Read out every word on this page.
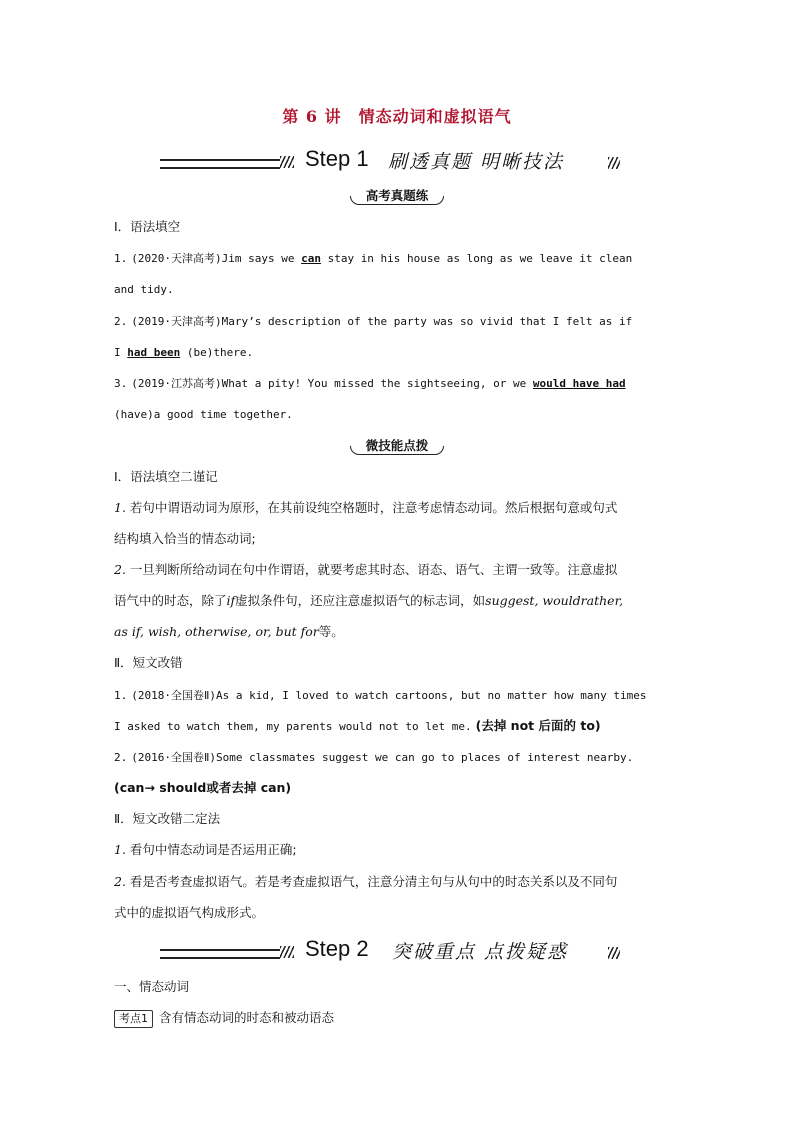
第 6 讲　情态动词和虚拟语气
Step 1 刷透真题 明晰技法
高考真题练
Ⅰ．语法填空
1. (2020·天津高考)Jim says we can stay in his house as long as we leave it clean
and tidy.
2. (2019·天津高考)Mary’s description of the party was so vivid that I felt as if
I had been (be)there.
3. (2019·江苏高考)What a pity! You missed the sightseeing, or we would have had
(have)a good time together.
微技能点拨
Ⅰ．语法填空二谨记
1. 若句中谓语动词为原形，在其前设纯空格题时，注意考虑情态动词。然后根据句意或句式
结构填入恰当的情态动词;
2. 一旦判断所给动词在句中作谓语，就要考虑其时态、语态、语气、主谓一致等。注意虚拟
语气中的时态，除了if虚拟条件句，还应注意虚拟语气的标志词，如suggest, wouldrather,
as if, wish, otherwise, or, but for等。
Ⅱ．短文改错
1. (2018·全国卷Ⅱ)As a kid, I loved to watch cartoons, but no matter how many times
I asked to watch them, my parents would not to let me. (去掉 not 后面的 to)
2. (2016·全国卷Ⅱ)Some classmates suggest we can go to places of interest nearby.
(can→ should或者去掉 can)
Ⅱ．短文改错二定法
1. 看句中情态动词是否运用正确;
2. 看是否考查虚拟语气。若是考查虚拟语气，注意分清主句与从句中的时态关系以及不同句
式中的虚拟语气构成形式。
Step 2 突破重点 点拨疑惑
一、情态动词
考点1 含有情态动词的时态和被动语态
